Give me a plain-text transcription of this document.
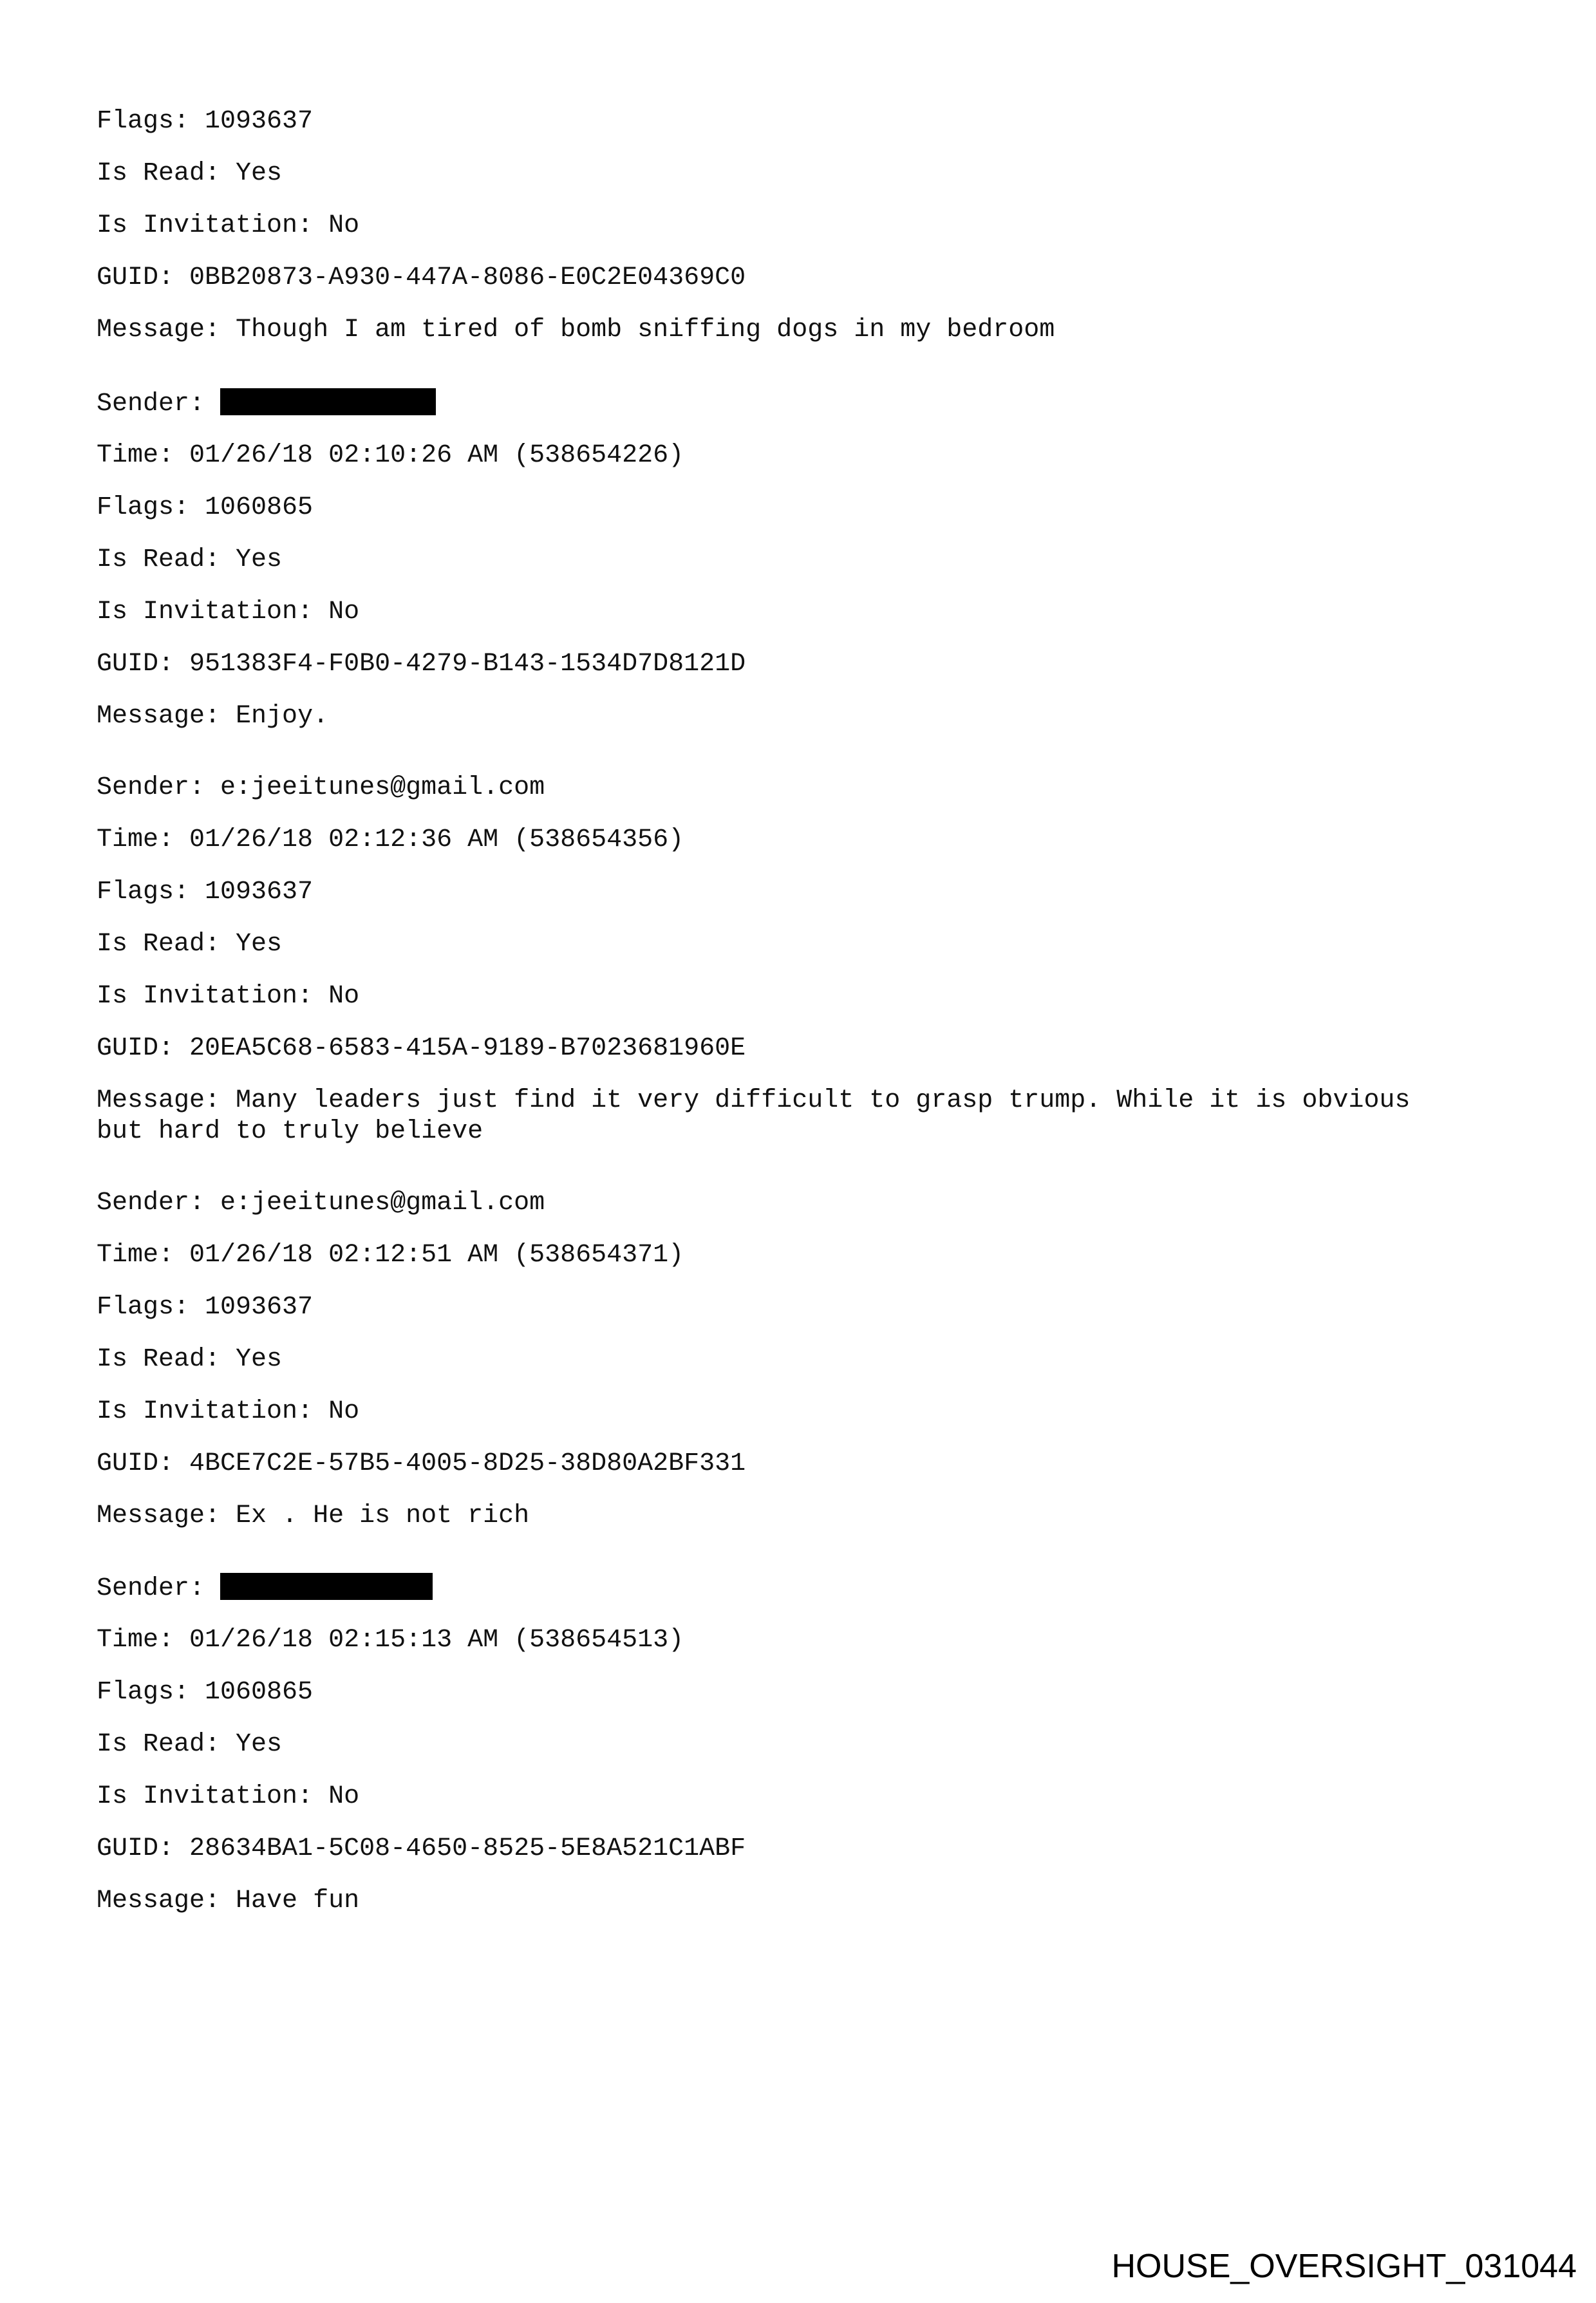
Flags: 1093637
Is Read: Yes
Is Invitation: No
GUID: 0BB20873-A930-447A-8086-E0C2E04369C0
Message: Though I am tired of bomb sniffing dogs in my bedroom
Sender:
Time: 01/26/18 02:10:26 AM (538654226)
Flags: 1060865
Is Read: Yes
Is Invitation: No
GUID: 951383F4-F0B0-4279-B143-1534D7D8121D
Message: Enjoy.
Sender: e:jeeitunes@gmail.com
Time: 01/26/18 02:12:36 AM (538654356)
Flags: 1093637
Is Read: Yes
Is Invitation: No
GUID: 20EA5C68-6583-415A-9189-B7023681960E
Message: Many leaders just find it very difficult to grasp trump. While it is obvious
but hard to truly believe
Sender: e:jeeitunes@gmail.com
Time: 01/26/18 02:12:51 AM (538654371)
Flags: 1093637
Is Read: Yes
Is Invitation: No
GUID: 4BCE7C2E-57B5-4005-8D25-38D80A2BF331
Message: Ex . He is not rich
Sender:
Time: 01/26/18 02:15:13 AM (538654513)
Flags: 1060865
Is Read: Yes
Is Invitation: No
GUID: 28634BA1-5C08-4650-8525-5E8A521C1ABF
Message: Have fun
HOUSE_OVERSIGHT_031044
